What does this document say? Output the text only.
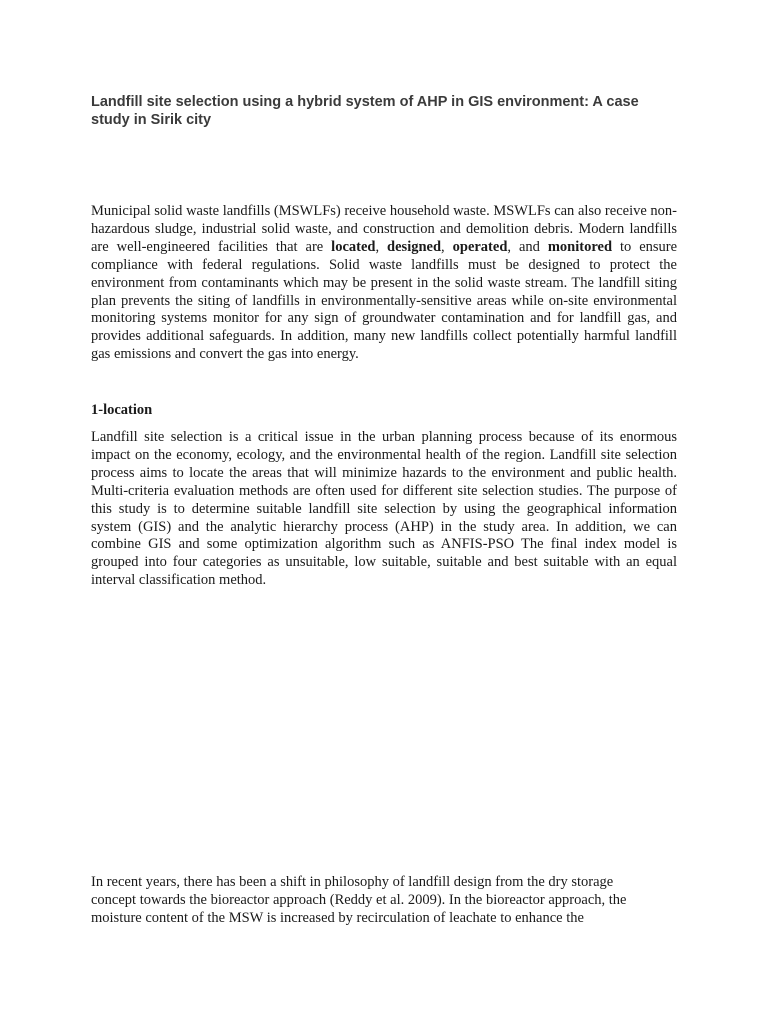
Landfill site selection using a hybrid system of AHP in GIS environment: A case study in Sirik city

Municipal solid waste landfills (MSWLFs) receive household waste. MSWLFs can also receive non-hazardous sludge, industrial solid waste, and construction and demolition debris. Modern landfills are well-engineered facilities that are located, designed, operated, and monitored to ensure compliance with federal regulations. Solid waste landfills must be designed to protect the environment from contaminants which may be present in the solid waste stream. The landfill siting plan prevents the siting of landfills in environmentally-sensitive areas while on-site environmental monitoring systems monitor for any sign of groundwater contamination and for landfill gas, and provides additional safeguards. In addition, many new landfills collect potentially harmful landfill gas emissions and convert the gas into energy.

1-location

Landfill site selection is a critical issue in the urban planning process because of its enormous impact on the economy, ecology, and the environmental health of the region. Landfill site selection process aims to locate the areas that will minimize hazards to the environment and public health. Multi-criteria evaluation methods are often used for different site selection studies. The purpose of this study is to determine suitable landfill site selection by using the geographical information system (GIS) and the analytic hierarchy process (AHP) in the study area. In addition, we can combine GIS and some optimization algorithm such as ANFIS-PSO The final index model is grouped into four categories as unsuitable, low suitable, suitable and best suitable with an equal interval classification method.

In recent years, there has been a shift in philosophy of landfill design from the dry storage
concept towards the bioreactor approach (Reddy et al. 2009). In the bioreactor approach, the
moisture content of the MSW is increased by recirculation of leachate to enhance the
